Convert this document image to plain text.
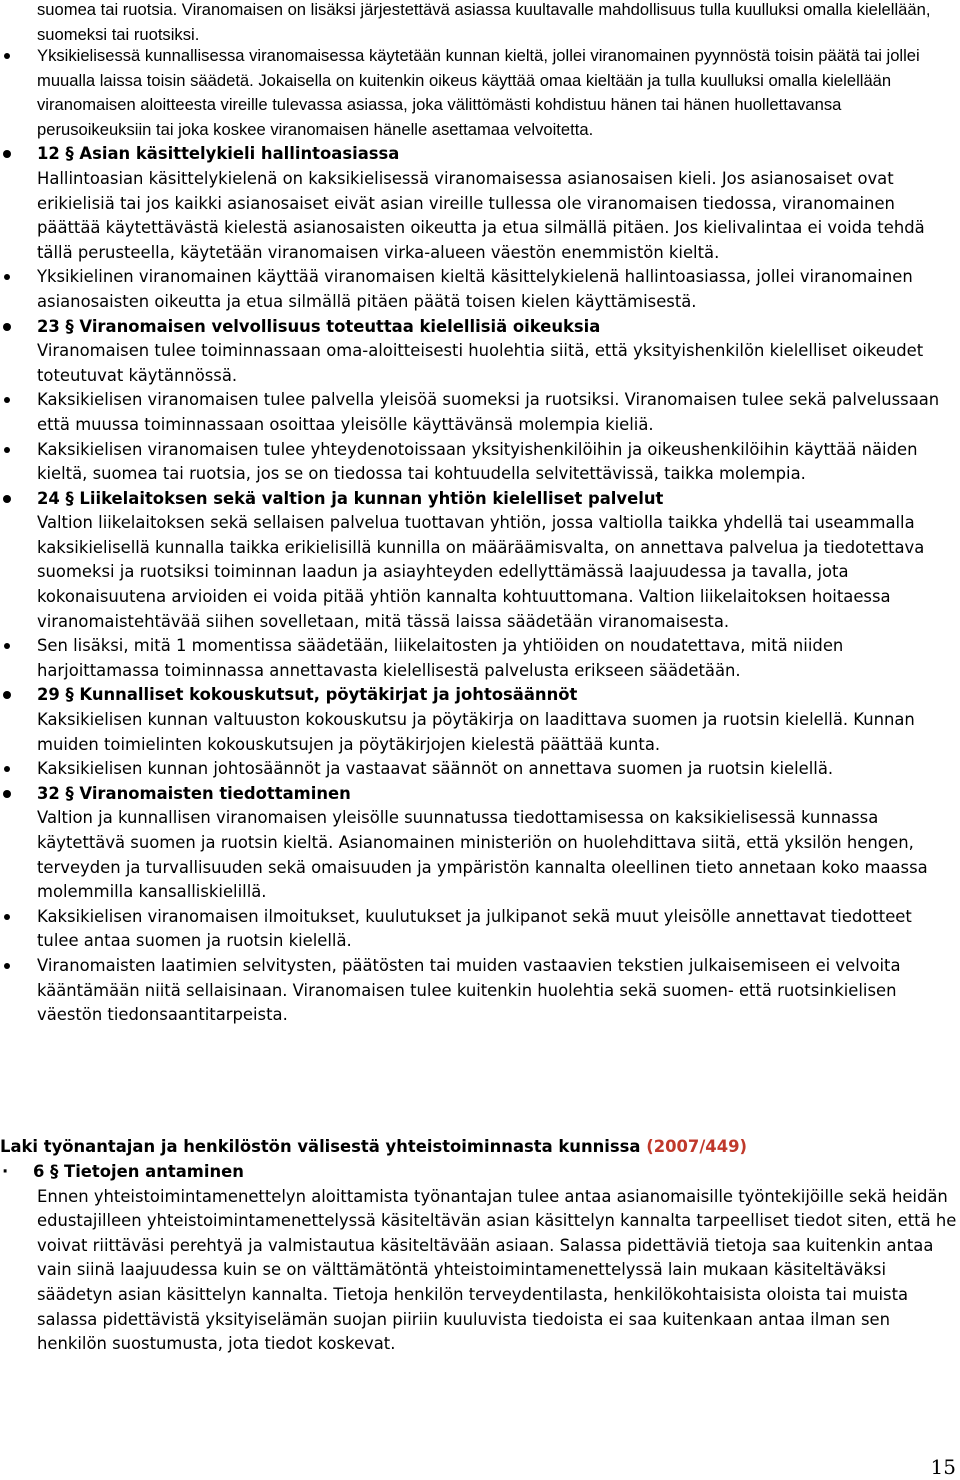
suomea tai ruotsia. Viranomaisen on lisäksi järjestettävä asiassa kuultavalle mahdollisuus tulla kuulluksi omalla kielellään, suomeksi tai ruotsiksi.
Yksikielisessä kunnallisessa viranomaisessa käytetään kunnan kieltä, jollei viranomainen pyynnöstä toisin päätä tai jollei muualla laissa toisin säädetä. Jokaisella on kuitenkin oikeus käyttää omaa kieltään ja tulla kuulluksi omalla kielellään viranomaisen aloitteesta vireille tulevassa asiassa, joka välittömästi kohdistuu hänen tai hänen huollettavansa perusoikeuksiin tai joka koskee viranomaisen hänelle asettamaa velvoitetta.
12 § Asian käsittelykieli hallintoasiassa
Hallintoasian käsittelykielenä on kaksikielisessä viranomaisessa asianosaisen kieli. Jos asianosaiset ovat erikielisiä tai jos kaikki asianosaiset eivät asian vireille tullessa ole viranomaisen tiedossa, viranomainen päättää käytettävästä kielestä asianosaisten oikeutta ja etua silmällä pitäen. Jos kielivalintaa ei voida tehdä tällä perusteella, käytetään viranomaisen virka-alueen väestön enemmistön kieltä.
Yksikielinen viranomainen käyttää viranomaisen kieltä käsittelykielenä hallintoasiassa, jollei viranomainen asianosaisten oikeutta ja etua silmällä pitäen päätä toisen kielen käyttämisestä.
23 § Viranomaisen velvollisuus toteuttaa kielellisiä oikeuksia
Viranomaisen tulee toiminnassaan oma-aloitteisesti huolehtia siitä, että yksityishenkilön kielelliset oikeudet toteutuvat käytännössä.
Kaksikielisen viranomaisen tulee palvella yleisöä suomeksi ja ruotsiksi. Viranomaisen tulee sekä palvelussaan että muussa toiminnassaan osoittaa yleisölle käyttävänsä molempia kieliä.
Kaksikielisen viranomaisen tulee yhteydenotoissaan yksityishenkilöihin ja oikeushenkilöihin käyttää näiden kieltä, suomea tai ruotsia, jos se on tiedossa tai kohtuudella selvitettävissä, taikka molempia.
24 § Liikelaitoksen sekä valtion ja kunnan yhtiön kielelliset palvelut
Valtion liikelaitoksen sekä sellaisen palvelua tuottavan yhtiön, jossa valtiolla taikka yhdellä tai useammalla kaksikielisellä kunnalla taikka erikielisillä kunnilla on määräämisvalta, on annettava palvelua ja tiedotettava suomeksi ja ruotsiksi toiminnan laadun ja asiayhteyden edellyttämässä laajuudessa ja tavalla, jota kokonaisuutena arvioiden ei voida pitää yhtiön kannalta kohtuuttomana. Valtion liikelaitoksen hoitaessa viranomaistehtävää siihen sovelletaan, mitä tässä laissa säädetään viranomaisesta.
Sen lisäksi, mitä 1 momentissa säädetään, liikelaitosten ja yhtiöiden on noudatettava, mitä niiden harjoittamassa toiminnassa annettavasta kielellisestä palvelusta erikseen säädetään.
29 § Kunnalliset kokouskutsut, pöytäkirjat ja johtosäännöt
Kaksikielisen kunnan valtuuston kokouskutsu ja pöytäkirja on laadittava suomen ja ruotsin kielellä. Kunnan muiden toimielinten kokouskutsujen ja pöytäkirjojen kielestä päättää kunta.
Kaksikielisen kunnan johtosäännöt ja vastaavat säännöt on annettava suomen ja ruotsin kielellä.
32 § Viranomaisten tiedottaminen
Valtion ja kunnallisen viranomaisen yleisölle suunnatussa tiedottamisessa on kaksikielisessä kunnassa käytettävä suomen ja ruotsin kieltä. Asianomainen ministeriön on huolehdittava siitä, että yksilön hengen, terveyden ja turvallisuuden sekä omaisuuden ja ympäristön kannalta oleellinen tieto annetaan koko maassa molemmilla kansalliskielillä.
Kaksikielisen viranomaisen ilmoitukset, kuulutukset ja julkipanot sekä muut yleisölle annettavat tiedotteet tulee antaa suomen ja ruotsin kielellä.
Viranomaisten laatimien selvitysten, päätösten tai muiden vastaavien tekstien julkaisemiseen ei velvoita kääntämään niitä sellaisinaan. Viranomaisen tulee kuitenkin huolehtia sekä suomen- että ruotsinkielisen väestön tiedonsaantitarpeista.
Laki työnantajan ja henkilöstön välisestä yhteistoiminnasta kunnissa (2007/449)
· 6 § Tietojen antaminen
Ennen yhteistoimintamenettelyn aloittamista työnantajan tulee antaa asianomaisille työntekijöille sekä heidän edustajilleen yhteistoimintamenettelyssä käsiteltävän asian käsittelyn kannalta tarpeelliset tiedot siten, että he voivat riittäväsi perehtyä ja valmistautua käsiteltävään asiaan. Salassa pidettäviä tietoja saa kuitenkin antaa vain siinä laajuudessa kuin se on välttämätöntä yhteistoimintamenettelyssä lain mukaan käsiteltäväksi säädetyn asian käsittelyn kannalta. Tietoja henkilön terveydentilasta, henkilökohtaisista oloista tai muista salassa pidettävistä yksityiselämän suojan piiriin kuuluvista tiedoista ei saa kuitenkaan antaa ilman sen henkilön suostumusta, jota tiedot koskevat.
15
